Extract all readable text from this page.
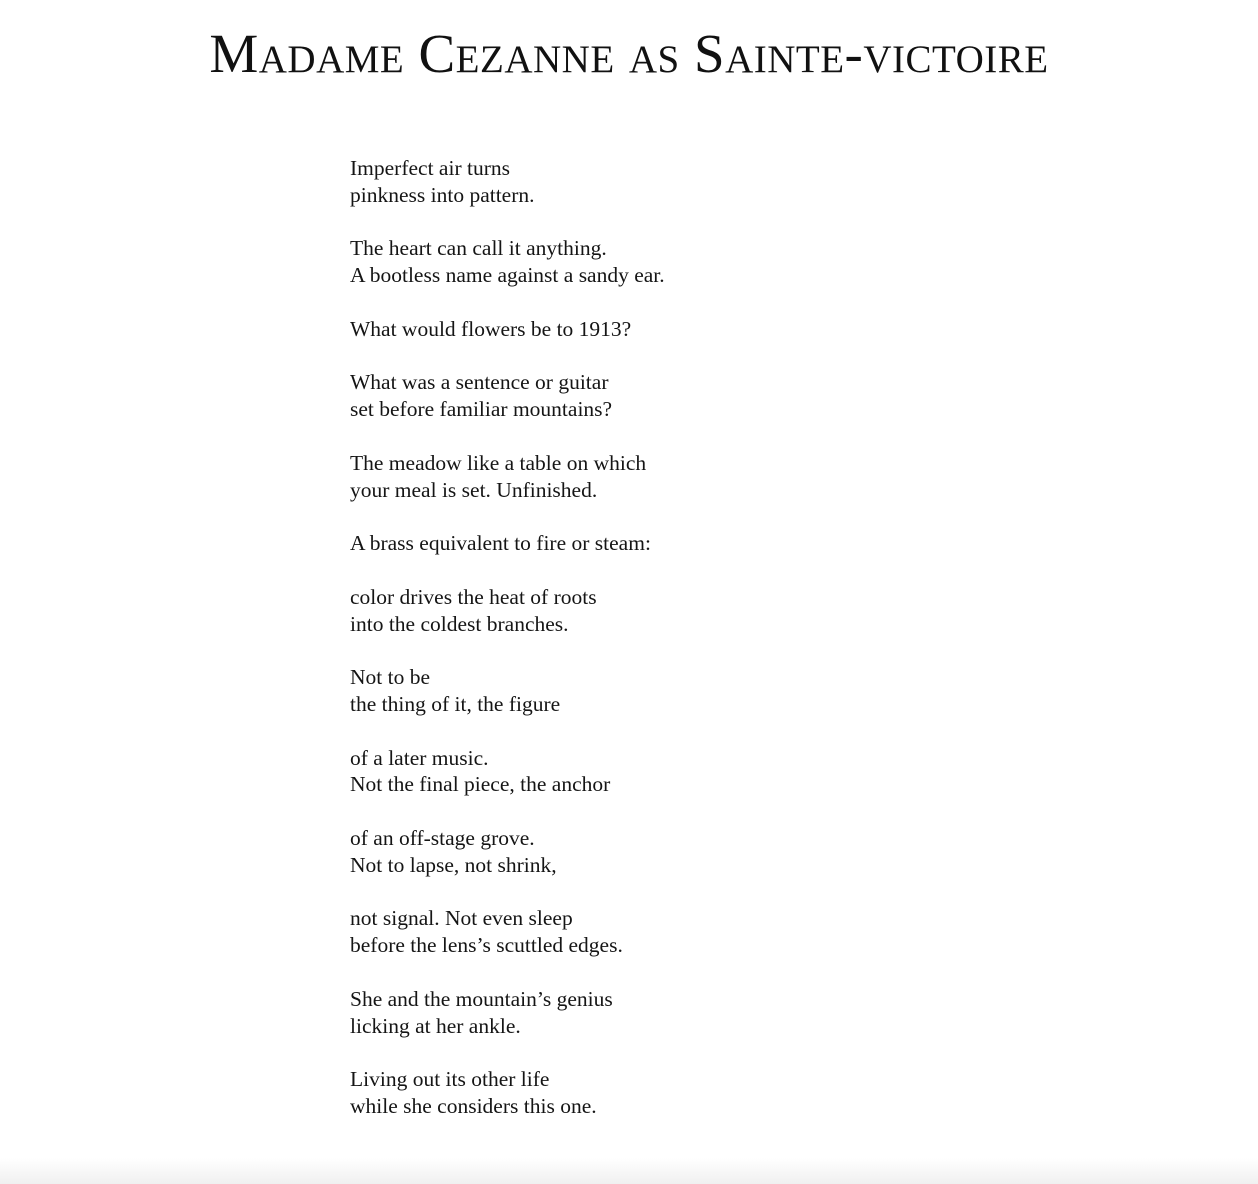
Madame Cezanne as Sainte-victoire

Imperfect air turns
pinkness into pattern.

The heart can call it anything.
A bootless name against a sandy ear.

What would flowers be to 1913?

What was a sentence or guitar
set before familiar mountains?

The meadow like a table on which
your meal is set. Unfinished.

A brass equivalent to fire or steam:

color drives the heat of roots
into the coldest branches.

Not to be
the thing of it, the figure

of a later music.
Not the final piece, the anchor

of an off-stage grove.
Not to lapse, not shrink,

not signal. Not even sleep
before the lens’s scuttled edges.

She and the mountain’s genius
licking at her ankle.

Living out its other life
while she considers this one.
